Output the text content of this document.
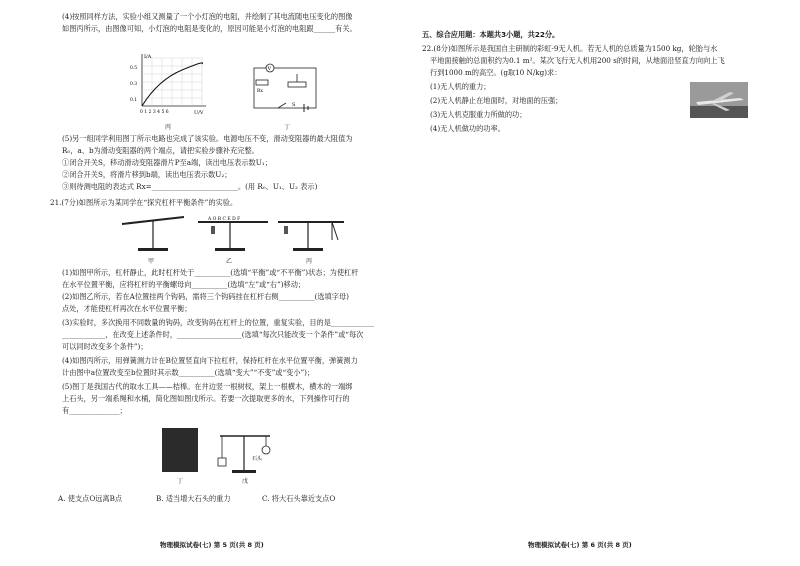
(4)按照同样方法，实验小组又测量了一个小灯泡的电阻，并绘制了其电流随电压变化的图像
如图丙所示，由图像可知，小灯泡的电阻是变化的，原因可能是小灯泡的电阻跟______有关。
I/A
U/V
0.5
0.3
0.1
0 1 2 3 4 5 6
丙
V
Rx
S
丁
(5)另一组同学利用图丁所示电路也完成了该实验。电源电压不变，滑动变阻器的最大阻值为
R₀，a、b为滑动变阻器的两个端点，请把实验步骤补充完整。
①闭合开关S，移动滑动变阻器滑片P至a端，读出电压表示数U₁；
②闭合开关S，将滑片移到b端，读出电压表示数U₂；
③则待测电阻的表达式 Rx=________________________。(用 R₀、U₁、U₂ 表示)
21.(7分)如图所示为某同学在“探究杠杆平衡条件”的实验。
A O B C E D F
甲	乙	丙
(1)如图甲所示，杠杆静止，此时杠杆处于__________(选填“平衡”或“不平衡”)状态；为使杠杆
在水平位置平衡，应将杠杆的平衡螺母向__________(选填“左”或“右”)移动；
(2)如图乙所示，若在A位置挂两个钩码，需将三个钩码挂在杠杆右侧__________(选填字母)
点处，才能使杠杆再次在水平位置平衡；
(3)实验时，多次换用不同数量的钩码，改变钩码在杠杆上的位置，重复实验，目的是____________
____________，在改变上述条件时，__________________(选填“每次只能改变一个条件”或“每次
可以同时改变多个条件”)；
(4)如图丙所示，用弹簧测力计在B位置竖直向下拉杠杆，保持杠杆在水平位置平衡，弹簧测力
计由图中a位置改变至b位置时其示数__________(选填“变大”“不变”或“变小”)；
(5)图丁是我国古代的取水工具——桔槔。在井边竖一根树杈，架上一根横木，横木的一端绑
上石头，另一端系绳和水桶，简化图如图戊所示。若要一次提取更多的水，下列操作可行的
有______________；
丁
石头
戊
A. 使支点O远离B点	B. 适当增大石头的重力	C. 将大石头靠近支点O
物理模拟试卷(七) 第 5 页(共 8 页)
五、综合应用题：本题共3小题，共22分。
22.(8分)如图所示是我国自主研制的彩虹-9无人机。若无人机的总质量为1500 kg，轮胎与水
平地面接触的总面积约为0.1 m²。某次飞行无人机用200 s的时间，从地面沿竖直方向向上飞
行到1000 m的高空。(g取10 N/kg)求：
(1)无人机的重力；
(2)无人机静止在地面时，对地面的压强；
(3)无人机克服重力所做的功；
(4)无人机做功的功率。
物理模拟试卷(七) 第 6 页(共 8 页)
